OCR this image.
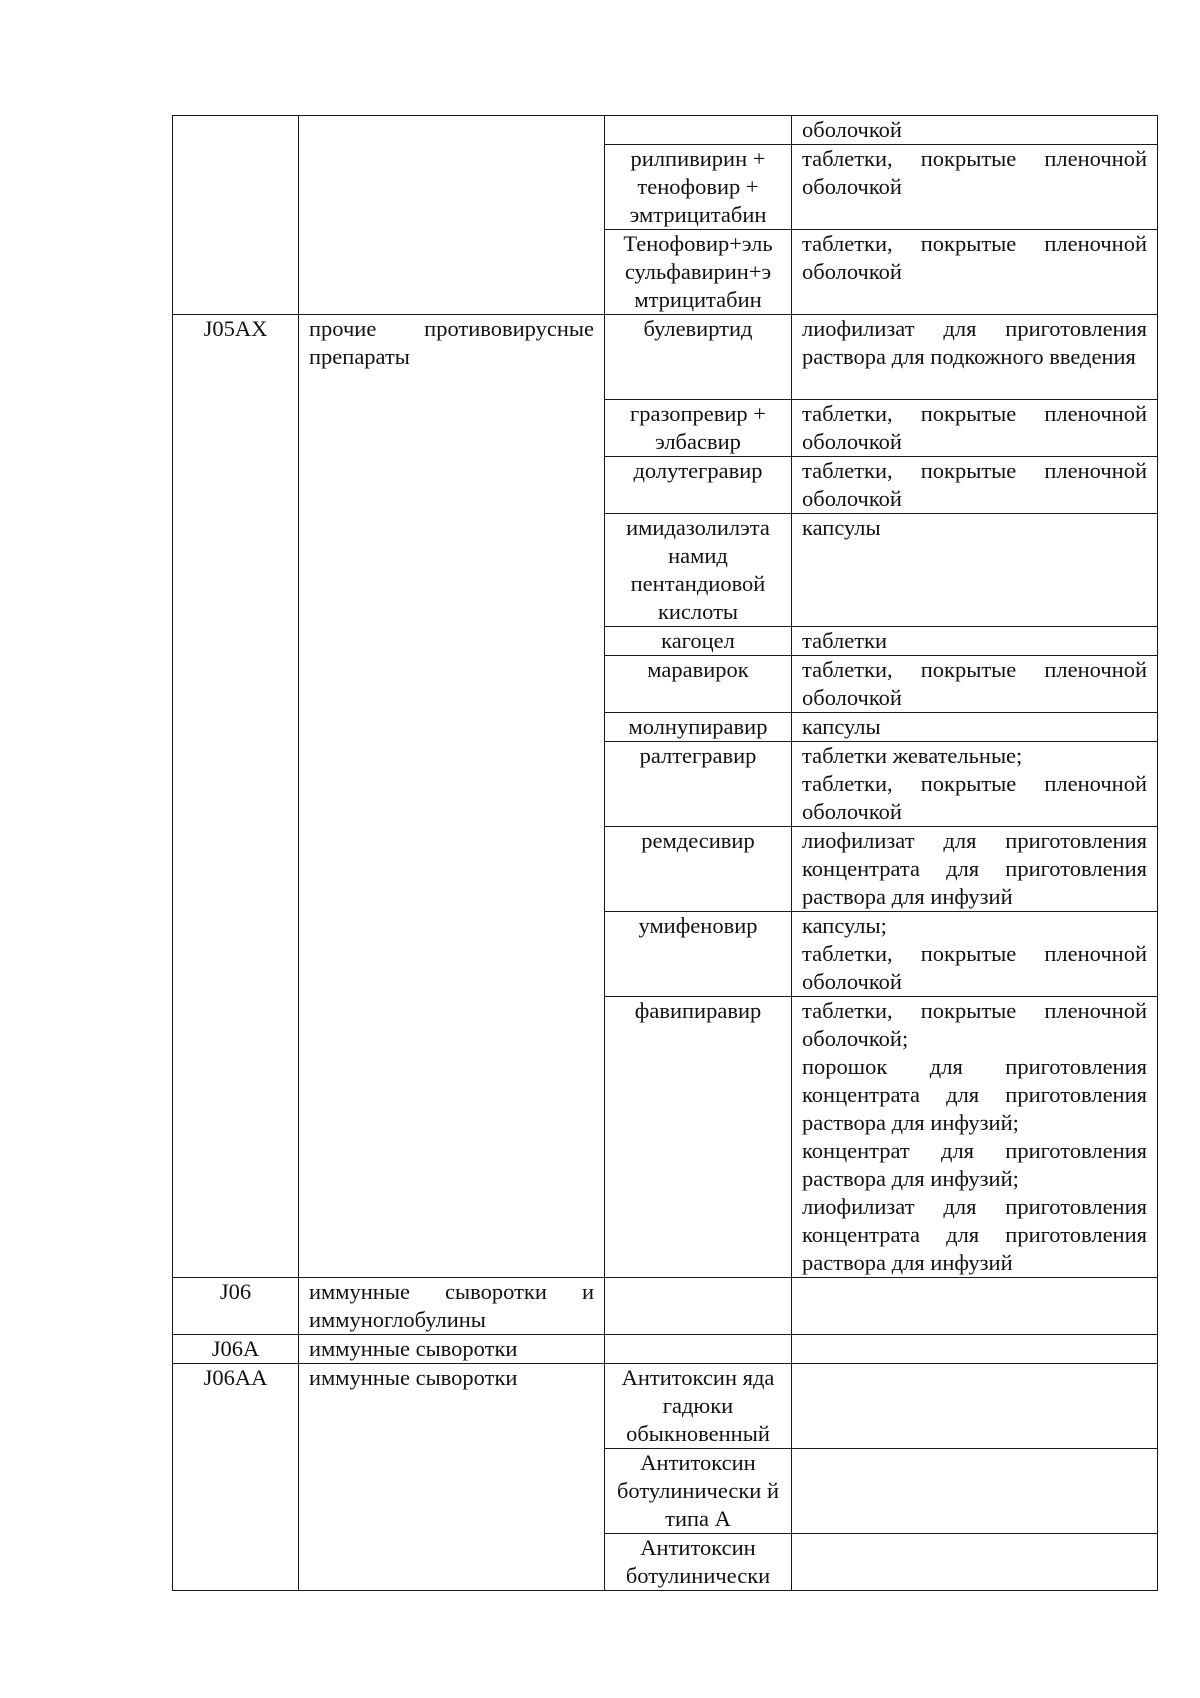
			оболочкой
		рилпивирин + тенофовир + эмтрицитабин	таблетки, покрытые пленочной оболочкой
		Тенофовир+эль сульфавирин+э мтрицитабин	таблетки, покрытые пленочной оболочкой
J05AX	прочие противовирусные препараты	булевиртид	лиофилизат для приготовления раствора для подкожного введения
		гразопревир + элбасвир	таблетки, покрытые пленочной оболочкой
		долутегравир	таблетки, покрытые пленочной оболочкой
		имидазолилэта намид пентандиовой кислоты	капсулы
		кагоцел	таблетки
		маравирок	таблетки, покрытые пленочной оболочкой
		молнупиравир	капсулы
		ралтегравир	таблетки жевательные;
таблетки, покрытые пленочной оболочкой

		ремдесивир	лиофилизат для приготовления концентрата для приготовления раствора для инфузий
		умифеновир	капсулы;
таблетки, покрытые пленочной оболочкой

		фавипиравир	таблетки, покрытые пленочной оболочкой;
порошок для приготовления концентрата для приготовления раствора для инфузий;
концентрат для приготовления раствора для инфузий;
лиофилизат для приготовления концентрата для приготовления раствора для инфузий

J06	иммунные сыворотки и иммуноглобулины		
J06A	иммунные сыворотки		
J06AA	иммунные сыворотки	Антитоксин яда гадюки обыкновенный	
		Антитоксин ботулинически й типа А	
		Антитоксин ботулинически	
